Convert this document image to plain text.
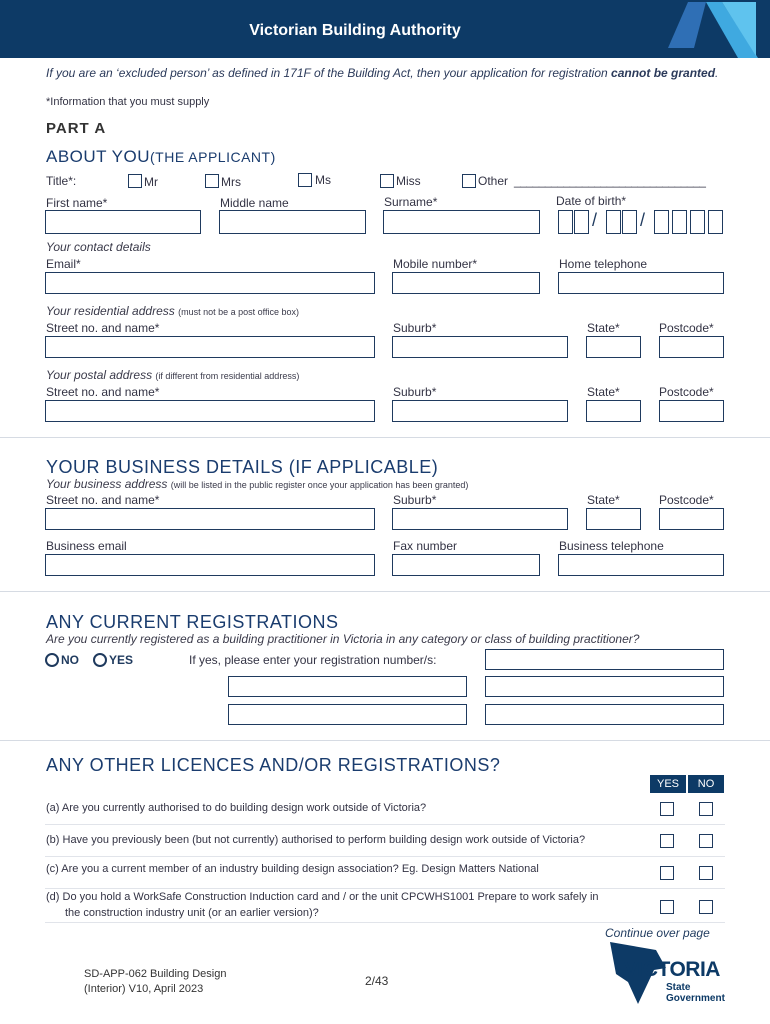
Victorian Building Authority
If you are an ‘excluded person’ as defined in 171F of the Building Act, then your application for registration cannot be granted.
*Information that you must supply
PART A
ABOUT YOU(THE APPLICANT)
Title*:	Mr	Mrs	Ms	Miss	Other _______________________________
First name*	Middle name	Surname*	Date of birth*
/ /
Your contact details
Email*	Mobile number*	Home telephone
Your residential address (must not be a post office box)
Street no. and name*	Suburb*	State*	Postcode*
Your postal address (if different from residential address)
Street no. and name*	Suburb*	State*	Postcode*
YOUR BUSINESS DETAILS (IF APPLICABLE)
Your business address (will be listed in the public register once your application has been granted)
Street no. and name*	Suburb*	State*	Postcode*
Business email	Fax number	Business telephone
ANY CURRENT REGISTRATIONS
Are you currently registered as a building practitioner in Victoria in any category or class of building practitioner?
NO	YES	If yes, please enter your registration number/s:
ANY OTHER LICENCES AND/OR REGISTRATIONS?
YES	NO
(a) Are you currently authorised to do building design work outside of Victoria?
(b) Have you previously been (but not currently) authorised to perform building design work outside of Victoria?
(c) Are you a current member of an industry building design association? Eg. Design Matters National
(d) Do you hold a WorkSafe Construction Induction card and / or the unit CPCWHS1001 Prepare to work safely in
the construction industry unit (or an earlier version)?
Continue over page
SD-APP-062 Building Design
(Interior) V10, April 2023
2/43	VICTORIA
State
Government
